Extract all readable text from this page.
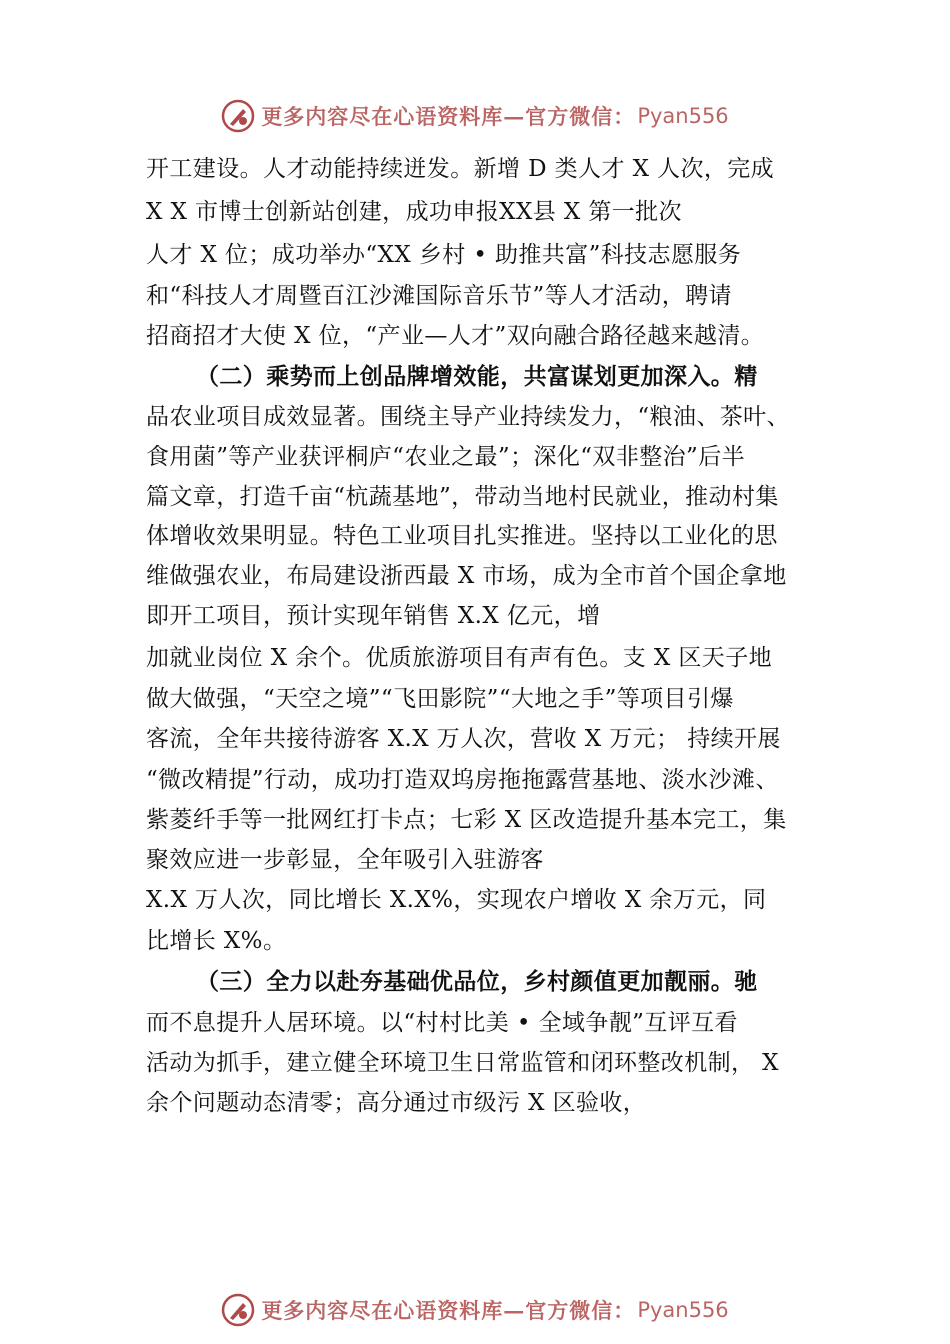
更多内容尽在心语资料库—官方微信： Pyan556
开工建设。人才动能持续迸发。新增 D 类人才 X 人次，完成
X X 市博士创新站创建，成功申报XX县 X 第一批次
人才 X 位；成功举办“XX 乡村 • 助推共富”科技志愿服务
和“科技人才周暨百江沙滩国际音乐节”等人才活动，聘请
招商招才大使 X 位，“产业—人才”双向融合路径越来越清。
（二）乘势而上创品牌增效能，共富谋划更加深入。精
品农业项目成效显著。围绕主导产业持续发力，“粮油、茶叶、
食用菌”等产业获评桐庐“农业之最”；深化“双非整治”后半
篇文章，打造千亩“杭蔬基地”，带动当地村民就业，推动村集
体增收效果明显。特色工业项目扎实推进。坚持以工业化的思
维做强农业，布局建设浙西最 X 市场，成为全市首个国企拿地
即开工项目，预计实现年销售 X.X 亿元，增
加就业岗位 X 余个。优质旅游项目有声有色。支 X 区天子地
做大做强，“天空之境”“飞田影院”“大地之手”等项目引爆
客流，全年共接待游客 X.X 万人次，营收 X 万元； 持续开展
“微改精提”行动，成功打造双坞房拖拖露营基地、淡水沙滩、
紫菱纤手等一批网红打卡点；七彩 X 区改造提升基本完工，集
聚效应进一步彰显，全年吸引入驻游客
X.X 万人次，同比增长 X.X%，实现农户增收 X 余万元，同
比增长 X%。
（三）全力以赴夯基础优品位，乡村颜值更加靓丽。驰
而不息提升人居环境。以“村村比美 • 全域争靓”互评互看
活动为抓手，建立健全环境卫生日常监管和闭环整改机制， X
余个问题动态清零；高分通过市级污 X 区验收，
更多内容尽在心语资料库—官方微信： Pyan556
